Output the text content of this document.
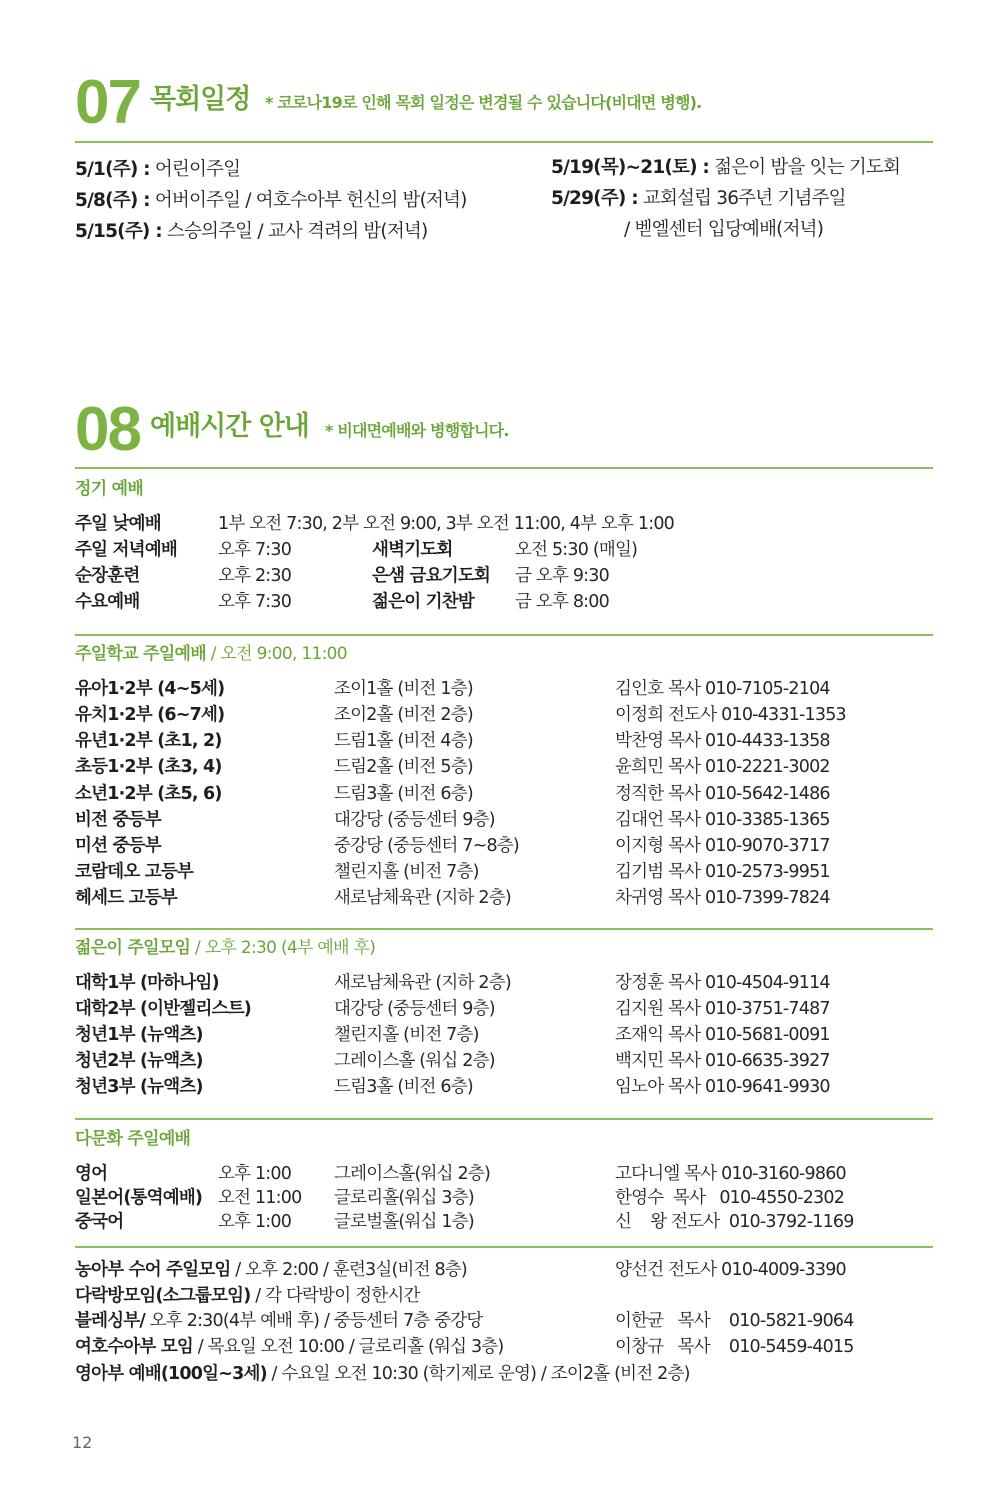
07 목회일정 * 코로나19로 인해 목회 일정은 변경될 수 있습니다(비대면 병행).
5/1(주) : 어린이주일
5/8(주) : 어버이주일 / 여호수아부 헌신의 밤(저녁)
5/15(주) : 스승의주일 / 교사 격려의 밤(저녁)
5/19(목)~21(토) : 젊은이 밤을 잇는 기도회
5/29(주) : 교회설립 36주년 기념주일
/ 벧엘센터 입당예배(저녁)
08 예배시간 안내 * 비대면예배와 병행합니다.
정기 예배
주일 낮예배	1부 오전 7:30, 2부 오전 9:00, 3부 오전 11:00, 4부 오후 1:00
주일 저녁예배 오후 7:30	새벽기도회	오전 5:30 (매일)
순장훈련	오후 2:30	은샘 금요기도회 금 오후 9:30
수요예배	오후 7:30	젊은이 기찬밤 금 오후 8:00
주일학교 주일예배 / 오전 9:00, 11:00
유아1·2부 (4~5세)	조이1홀 (비전 1층)	김인호 목사 010-7105-2104
유치1·2부 (6~7세)	조이2홀 (비전 2층)	이정희 전도사 010-4331-1353
유년1·2부 (초1, 2)	드림1홀 (비전 4층)	박찬영 목사 010-4433-1358
초등1·2부 (초3, 4)	드림2홀 (비전 5층)	윤희민 목사 010-2221-3002
소년1·2부 (초5, 6)	드림3홀 (비전 6층)	정직한 목사 010-5642-1486
비전 중등부	대강당 (중등센터 9층)	김대언 목사 010-3385-1365
미션 중등부	중강당 (중등센터 7~8층)	이지형 목사 010-9070-3717
코람데오 고등부	챌린지홀 (비전 7층)	김기범 목사 010-2573-9951
헤세드 고등부	새로남체육관 (지하 2층)	차귀영 목사 010-7399-7824
젊은이 주일모임 / 오후 2:30 (4부 예배 후)
대학1부 (마하나임)	새로남체육관 (지하 2층)	장정훈 목사 010-4504-9114
대학2부 (이반젤리스트)	대강당 (중등센터 9층)	김지원 목사 010-3751-7487
청년1부 (뉴액츠)	챌린지홀 (비전 7층)	조재익 목사 010-5681-0091
청년2부 (뉴액츠)	그레이스홀 (워십 2층)	백지민 목사 010-6635-3927
청년3부 (뉴액츠)	드림3홀 (비전 6층)	임노아 목사 010-9641-9930
다문화 주일예배
영어	오후 1:00 그레이스홀(워십 2층)	고다니엘 목사 010-3160-9860
일본어(통역예배) 오전 11:00 글로리홀(워십 3층)	한영수  목사   010-4550-2302
중국어	오후 1:00 글로벌홀(워십 1층)	신    왕 전도사  010-3792-1169
농아부 수어 주일모임 / 오후 2:00 / 훈련3실(비전 8층)	양선건 전도사 010-4009-3390
다락방모임(소그룹모임) / 각 다락방이 정한시간
블레싱부/ 오후 2:30(4부 예배 후) / 중등센터 7층 중강당	이한균   목사    010-5821-9064
여호수아부 모임 / 목요일 오전 10:00 / 글로리홀 (워십 3층)	이창규   목사    010-5459-4015
영아부 예배(100일~3세) / 수요일 오전 10:30 (학기제로 운영) / 조이2홀 (비전 2층)
12
